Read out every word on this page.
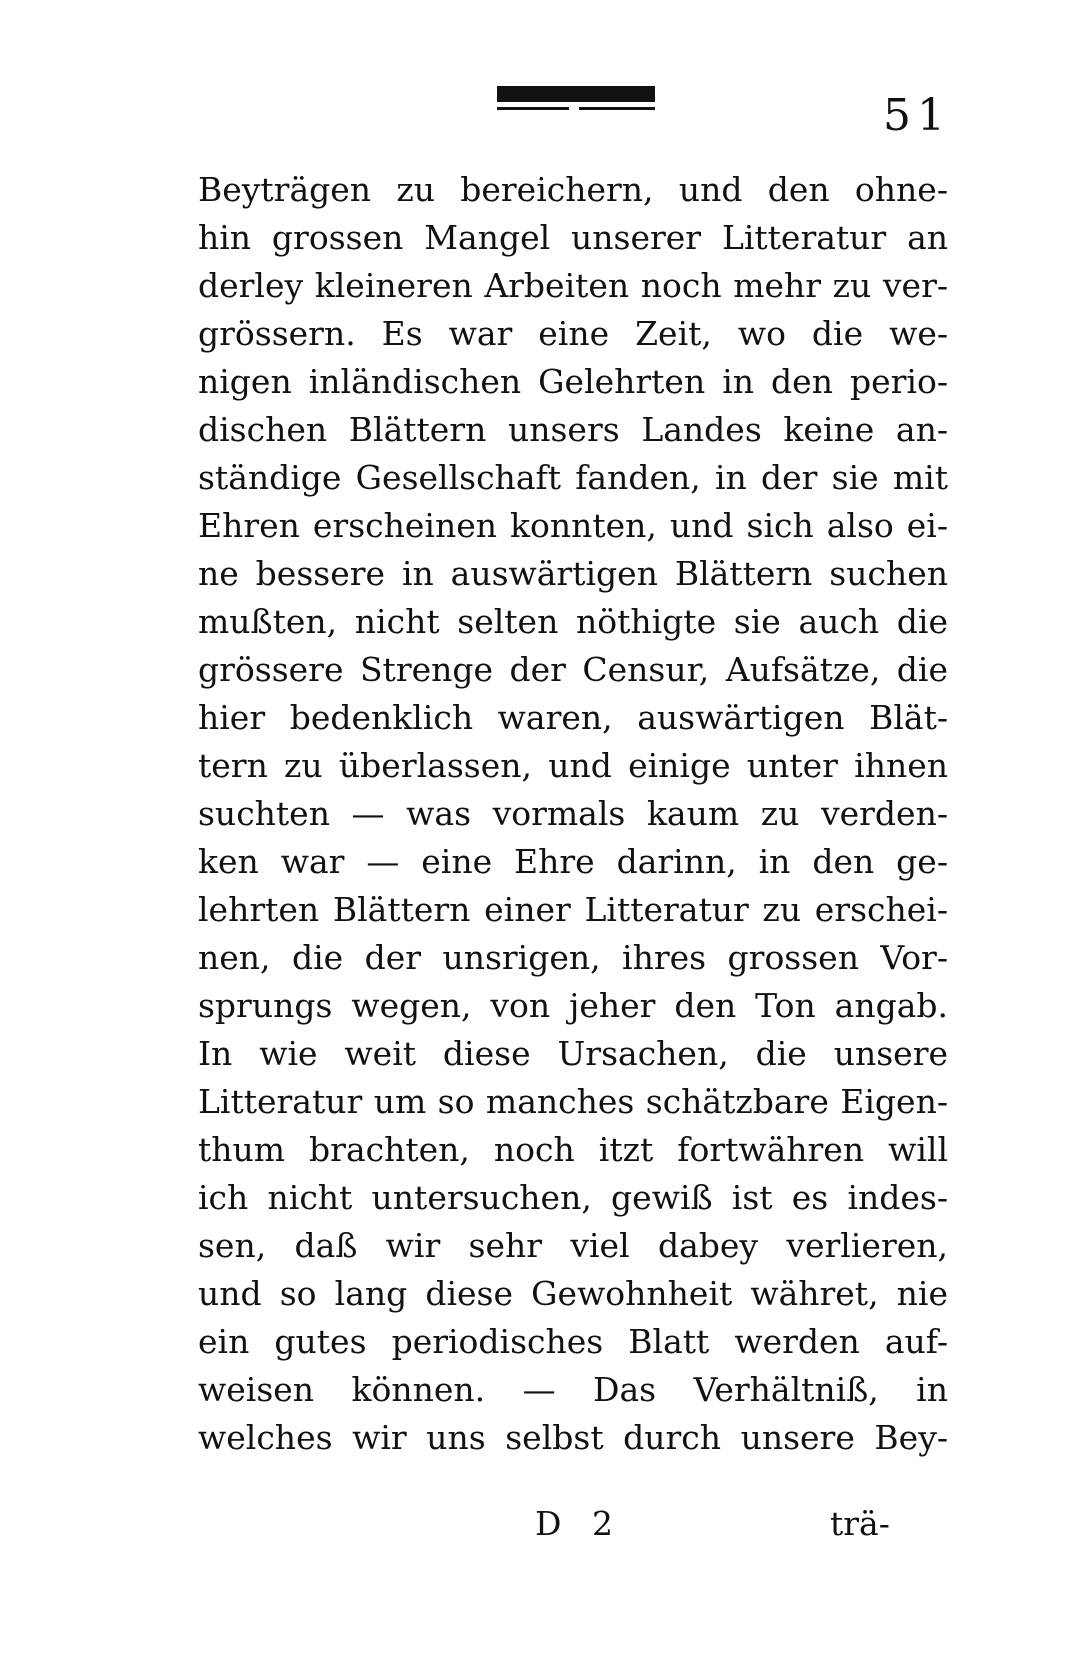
51
Beyträgen zu bereichern, und den ohne-
hin grossen Mangel unserer Litteratur an
derley kleineren Arbeiten noch mehr zu ver-
grössern. Es war eine Zeit, wo die we-
nigen inländischen Gelehrten in den perio-
dischen Blättern unsers Landes keine an-
ständige Gesellschaft fanden, in der sie mit
Ehren erscheinen konnten, und sich also ei-
ne bessere in auswärtigen Blättern suchen
mußten, nicht selten nöthigte sie auch die
grössere Strenge der Censur, Aufsätze, die
hier bedenklich waren, auswärtigen Blät-
tern zu überlassen, und einige unter ihnen
suchten — was vormals kaum zu verden-
ken war — eine Ehre darinn, in den ge-
lehrten Blättern einer Litteratur zu erschei-
nen, die der unsrigen, ihres grossen Vor-
sprungs wegen, von jeher den Ton angab.
In wie weit diese Ursachen, die unsere
Litteratur um so manches schätzbare Eigen-
thum brachten, noch itzt fortwähren will
ich nicht untersuchen, gewiß ist es indes-
sen, daß wir sehr viel dabey verlieren,
und so lang diese Gewohnheit währet, nie
ein gutes periodisches Blatt werden auf-
weisen können. — Das Verhältniß, in
welches wir uns selbst durch unsere Bey-
D 2	trä-
